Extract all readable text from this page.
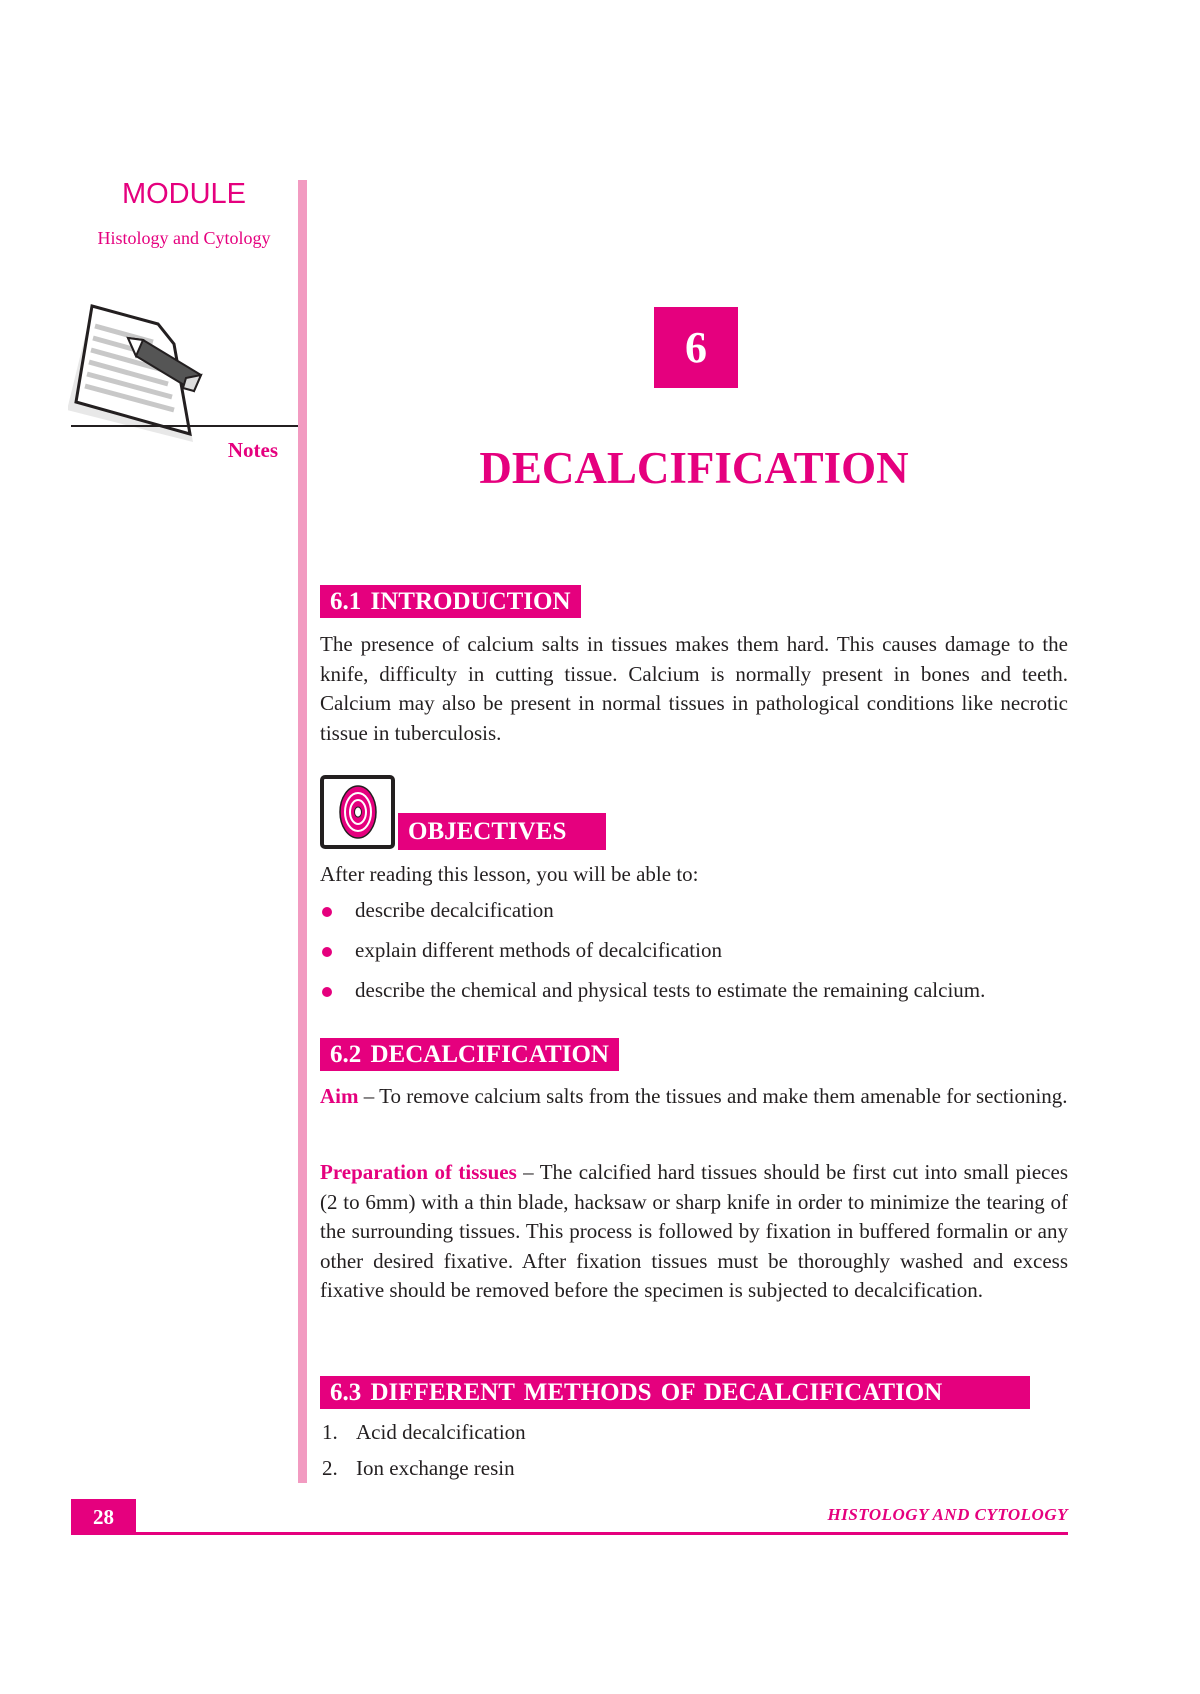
MODULE
Histology and Cytology
Notes
6
DECALCIFICATION
6.1 INTRODUCTION

The presence of calcium salts in tissues makes them hard. This causes damage to the knife, difficulty in cutting tissue. Calcium is normally present in bones and teeth. Calcium may also be present in normal tissues in pathological conditions like necrotic tissue in tuberculosis.

OBJECTIVES
After reading this lesson, you will be able to:
describe decalcification
explain different methods of decalcification
describe the chemical and physical tests to estimate the remaining calcium.
6.2 DECALCIFICATION

Aim – To remove calcium salts from the tissues and make them amenable for sectioning.

Preparation of tissues – The calcified hard tissues should be first cut into small pieces (2 to 6mm) with a thin blade, hacksaw or sharp knife in order to minimize the tearing of the surrounding tissues. This process is followed by fixation in buffered formalin or any other desired fixative. After fixation tissues must be thoroughly washed and excess fixative should be removed before the specimen is subjected to decalcification.

6.3 DIFFERENT METHODS OF DECALCIFICATION
1. Acid decalcification
2. Ion exchange resin
28	HISTOLOGY AND CYTOLOGY
